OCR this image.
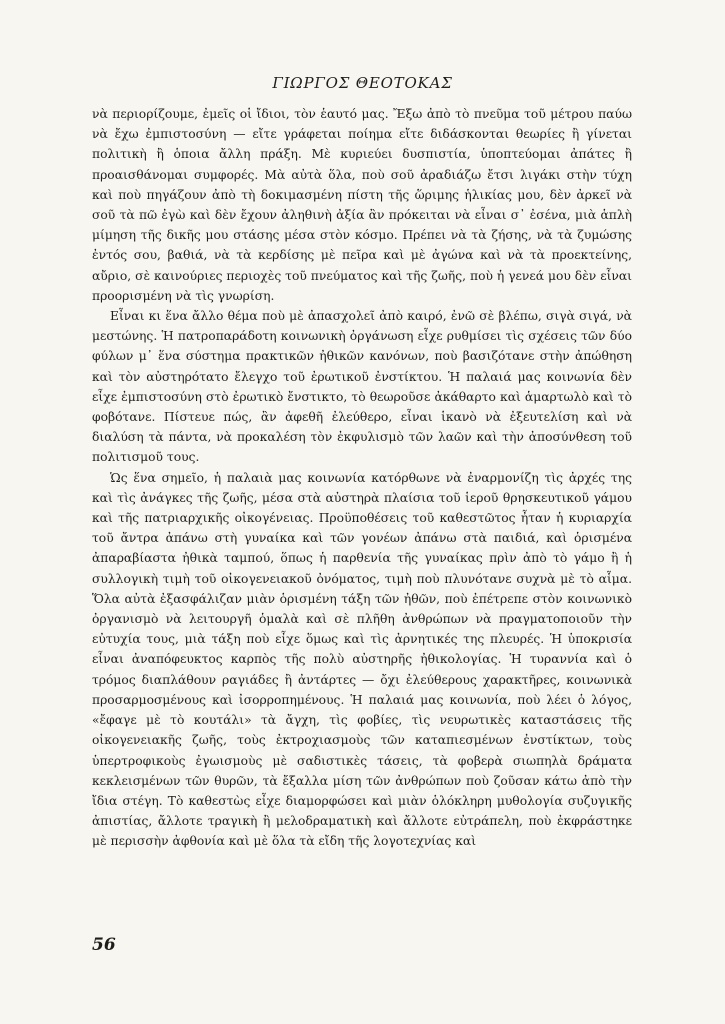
ΓΙΩΡΓΟΣ ΘΕΟΤΟΚΑΣ

νὰ περιορίζουμε, ἐμεῖς οἱ ἴδιοι, τὸν ἑαυτό μας. Ἔξω ἀπὸ τὸ πνεῦμα τοῦ μέτρου παύω νὰ ἔχω ἐμπιστοσύνη — εἴτε γράφεται ποίημα εἴτε διδάσκονται θεωρίες ἢ γίνεται πολιτικὴ ἢ ὁποια ἄλλη πράξη. Μὲ κυριεύει δυσπιστία, ὑποπτεύομαι ἀπάτες ἢ προαισθάνομαι συμφορές. Μὰ αὐτὰ ὅλα, ποὺ σοῦ ἀραδιάζω ἔτσι λιγάκι στὴν τύχη καὶ ποὺ πηγάζουν ἀπὸ τὴ δοκιμασμένη πίστη τῆς ὥριμης ἡλικίας μου, δὲν ἀρκεῖ νὰ σοῦ τὰ πῶ ἐγὼ καὶ δὲν ἔχουν ἀληθινὴ ἀξία ἂν πρόκειται νὰ εἶναι σ᾽ ἐσένα, μιὰ ἁπλὴ μίμηση τῆς δικῆς μου στάσης μέσα στὸν κόσμο. Πρέπει νὰ τὰ ζήσης, νὰ τὰ ζυμώσης ἐντός σου, βαθιά, νὰ τὰ κερδίσης μὲ πεῖρα καὶ μὲ ἀγώνα καὶ νὰ τὰ προεκτείνης, αὔριο, σὲ καινούριες περιοχὲς τοῦ πνεύματος καὶ τῆς ζωῆς, ποὺ ἡ γενεά μου δὲν εἶναι προορισμένη νὰ τὶς γνωρίση.

Εἶναι κι ἕνα ἄλλο θέμα ποὺ μὲ ἀπασχολεῖ ἀπὸ καιρό, ἐνῶ σὲ βλέπω, σιγὰ σιγά, νὰ μεστώνης. Ἡ πατροπαράδοτη κοινωνικὴ ὀργάνωση εἶχε ρυθμίσει τὶς σχέσεις τῶν δύο φύλων μ᾽ ἕνα σύστημα πρακτικῶν ἠθικῶν κανόνων, ποὺ βασιζότανε στὴν ἀπώθηση καὶ τὸν αὐστηρότατο ἔλεγχο τοῦ ἐρωτικοῦ ἐνστίκτου. Ἡ παλαιά μας κοινωνία δὲν εἶχε ἐμπιστοσύνη στὸ ἐρωτικὸ ἔνστικτο, τὸ θεωροῦσε ἀκάθαρτο καὶ ἁμαρτωλὸ καὶ τὸ φοβότανε. Πίστευε πώς, ἂν ἀφεθῆ ἐλεύθερο, εἶναι ἱκανὸ νὰ ἐξευτελίση καὶ νὰ διαλύση τὰ πάντα, νὰ προκαλέση τὸν ἐκφυλισμὸ τῶν λαῶν καὶ τὴν ἀποσύνθεση τοῦ πολιτισμοῦ τους.

Ὡς ἕνα σημεῖο, ἡ παλαιὰ μας κοινωνία κατόρθωνε νὰ ἐναρμονίζη τὶς ἀρχές της καὶ τὶς ἀνάγκες τῆς ζωῆς, μέσα στὰ αὐστηρὰ πλαίσια τοῦ ἱεροῦ θρησκευτικοῦ γάμου καὶ τῆς πατριαρχικῆς οἰκογένειας. Προϋποθέσεις τοῦ καθεστῶτος ἦταν ἡ κυριαρχία τοῦ ἄντρα ἀπάνω στὴ γυναίκα καὶ τῶν γονέων ἀπάνω στὰ παιδιά, καὶ ὁρισμένα ἀπαραβίαστα ἠθικὰ ταμπού, ὅπως ἡ παρθενία τῆς γυναίκας πρὶν ἀπὸ τὸ γάμο ἢ ἡ συλλογικὴ τιμὴ τοῦ οἰκογενειακοῦ ὀνόματος, τιμὴ ποὺ πλυνότανε συχνὰ μὲ τὸ αἷμα. Ὅλα αὐτὰ ἐξασφάλιζαν μιὰν ὁρισμένη τάξη τῶν ἠθῶν, ποὺ ἐπέτρεπε στὸν κοινωνικὸ ὀργανισμὸ νὰ λειτουργῆ ὁμαλὰ καὶ σὲ πλῆθη ἀνθρώπων νὰ πραγματοποιοῦν τὴν εὐτυχία τους, μιὰ τάξη ποὺ εἶχε ὅμως καὶ τὶς ἀρνητικές της πλευρές. Ἡ ὑποκρισία εἶναι ἀναπόφευκτος καρπὸς τῆς πολὺ αὐστηρῆς ἠθικολογίας. Ἡ τυραννία καὶ ὁ τρόμος διαπλάθουν ραγιάδες ἢ ἀντάρτες — ὄχι ἐλεύθερους χαρακτῆρες, κοινωνικὰ προσαρμοσμένους καὶ ἰσορροπημένους. Ἡ παλαιά μας κοινωνία, ποὺ λέει ὁ λόγος, «ἔφαγε μὲ τὸ κουτάλι» τὰ ἄγχη, τὶς φοβίες, τὶς νευρωτικὲς καταστάσεις τῆς οἰκογενειακῆς ζωῆς, τοὺς ἐκτροχιασμοὺς τῶν καταπιεσμένων ἐνστίκτων, τοὺς ὑπερτροφικοὺς ἐγωισμοὺς μὲ σαδιστικὲς τάσεις, τὰ φοβερὰ σιωπηλὰ δράματα κεκλεισμένων τῶν θυρῶν, τὰ ἔξαλλα μίση τῶν ἀνθρώπων ποὺ ζοῦσαν κάτω ἀπὸ τὴν ἴδια στέγη. Τὸ καθεστὼς εἶχε διαμορφώσει καὶ μιὰν ὁλόκληρη μυθολογία συζυγικῆς ἀπιστίας, ἄλλοτε τραγικὴ ἢ μελοδραματικὴ καὶ ἄλλοτε εὐτράπελη, ποὺ ἐκφράστηκε μὲ περισσὴν ἀφθονία καὶ μὲ ὅλα τὰ εἴδη τῆς λογοτεχνίας καὶ

56
